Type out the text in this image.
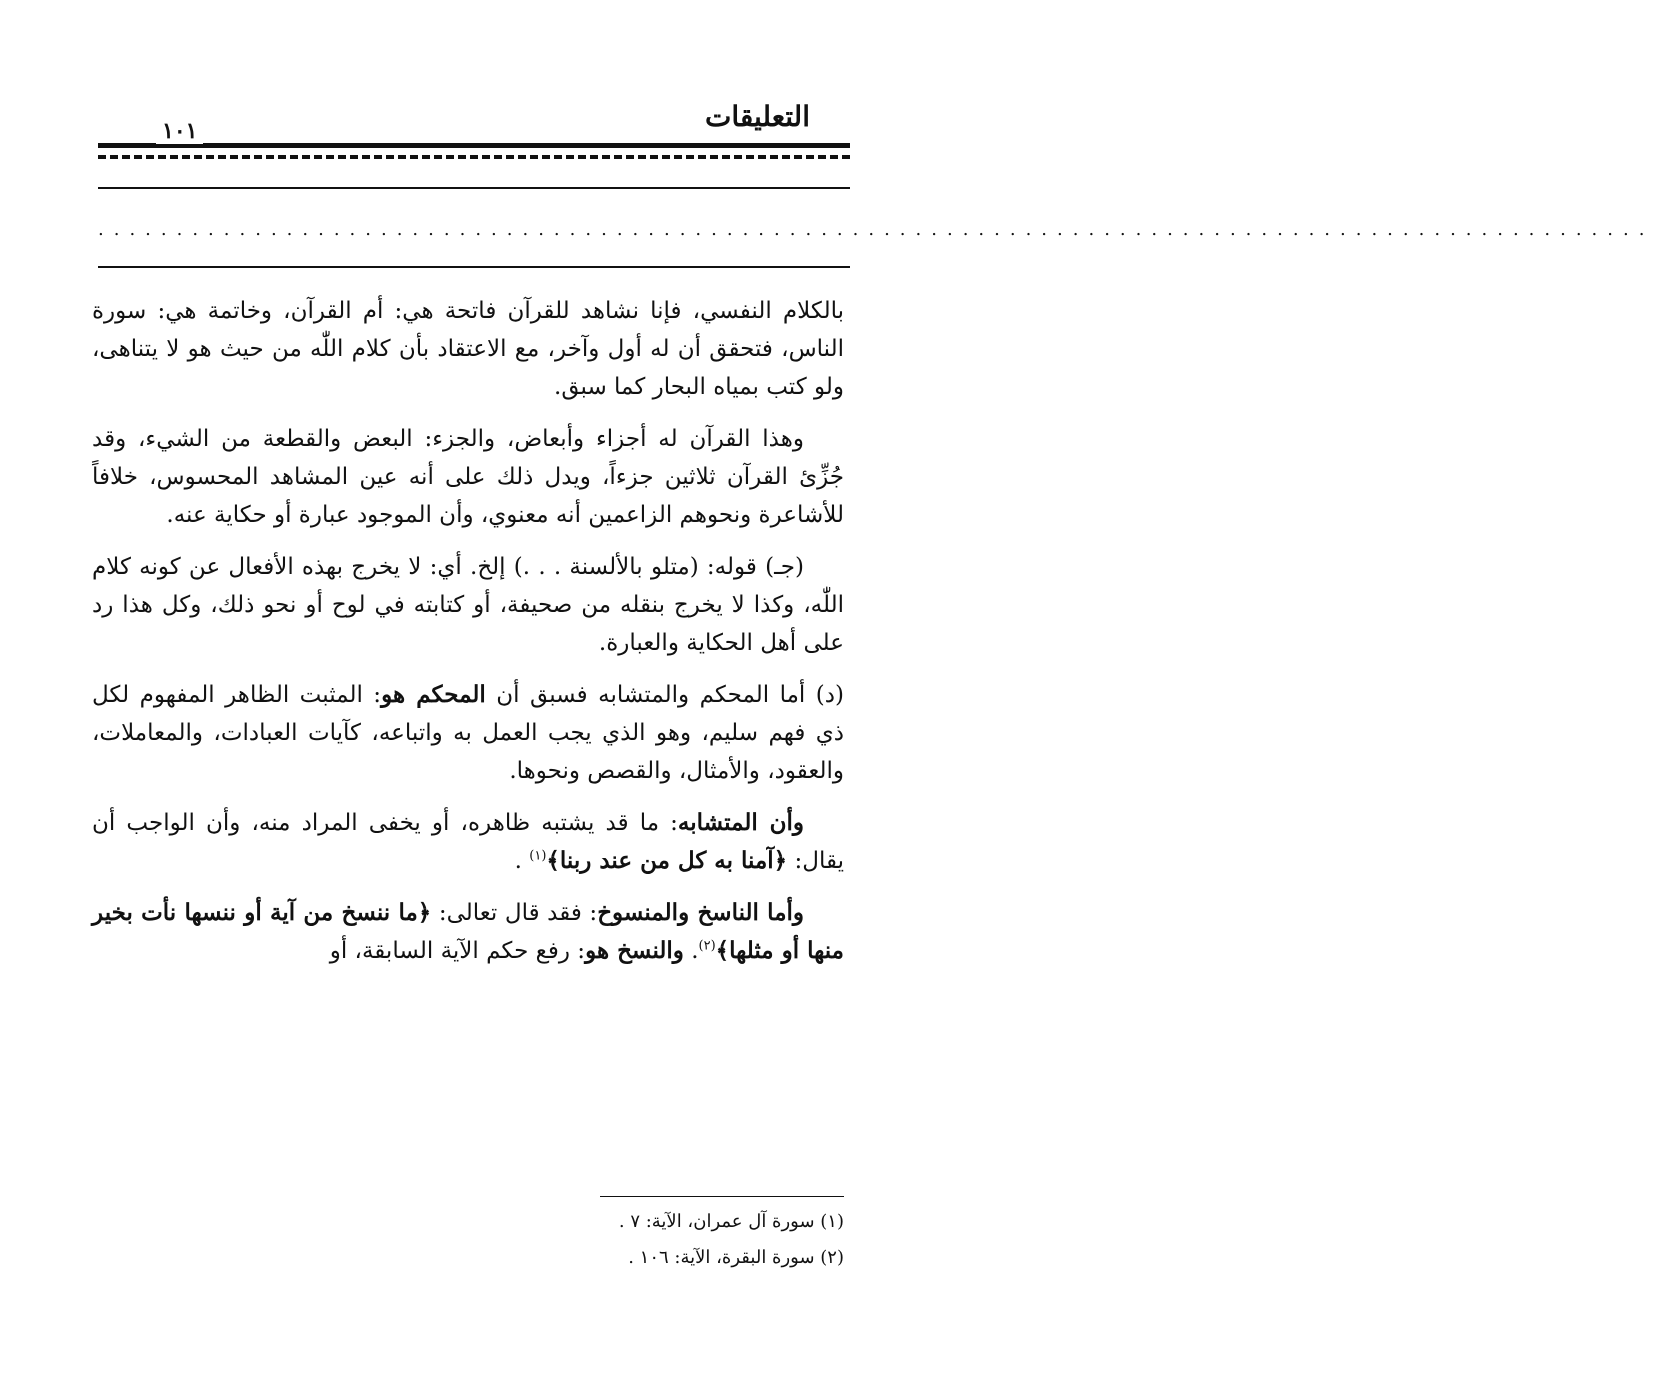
التعليقات
١٠١
...................................................................................................

بالكلام النفسي، فإنا نشاهد للقرآن فاتحة هي: أم القرآن، وخاتمة هي: سورة الناس، فتحقق أن له أول وآخر، مع الاعتقاد بأن كلام اللّٰه من حيث هو لا يتناهى، ولو كتب بمياه البحار كما سبق.

وهذا القرآن له أجزاء وأبعاض، والجزء: البعض والقطعة من الشيء، وقد جُزِّئ القرآن ثلاثين جزءاً، ويدل ذلك على أنه عين المشاهد المحسوس، خلافاً للأشاعرة ونحوهم الزاعمين أنه معنوي، وأن الموجود عبارة أو حكاية عنه.

(جـ) قوله: (متلو بالألسنة . . .) إلخ. أي: لا يخرج بهذه الأفعال عن كونه كلام اللّٰه، وكذا لا يخرج بنقله من صحيفة، أو كتابته في لوح أو نحو ذلك، وكل هذا رد على أهل الحكاية والعبارة.

(د) أما المحكم والمتشابه فسبق أن المحكم هو: المثبت الظاهر المفهوم لكل ذي فهم سليم، وهو الذي يجب العمل به واتباعه، كآيات العبادات، والمعاملات، والعقود، والأمثال، والقصص ونحوها.

وأن المتشابه: ما قد يشتبه ظاهره، أو يخفى المراد منه، وأن الواجب أن يقال: ﴿آمنا به كل من عند ربنا﴾$^{(١)}$ .

وأما الناسخ والمنسوخ: فقد قال تعالى: ﴿ما ننسخ من آية أو ننسها نأت بخير منها أو مثلها﴾$^{(٢)}$. والنسخ هو: رفع حكم الآية السابقة، أو

(١) سورة آل عمران، الآية: ٧ .

(٢) سورة البقرة، الآية: ١٠٦ .
